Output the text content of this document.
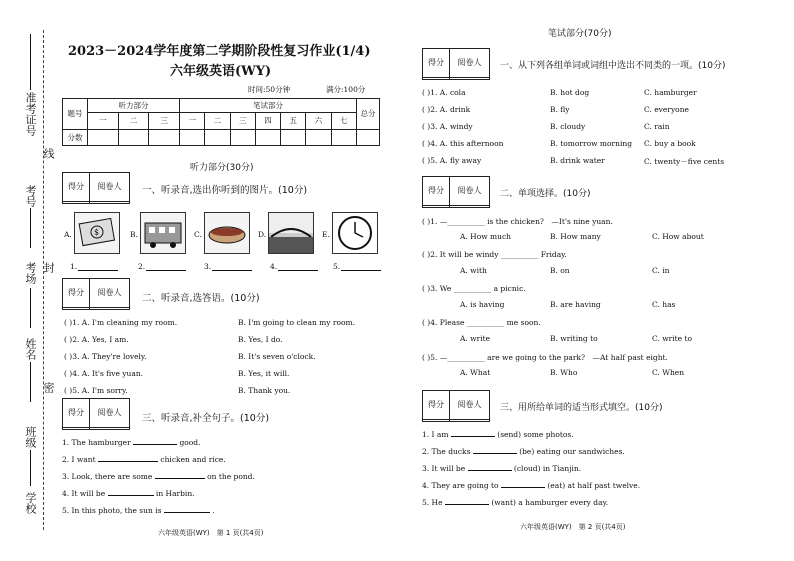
准考证号
线
考号
考场 封
姓名
密
班级
学校
2023－2024学年度第二学期阶段性复习作业(1/4)
六年级英语(WY)
时间:50分钟	满分:100分
题号	听力部分			笔试部分							总分
	一	二	三	一	二	三	四	五	六	七	
分数											
听力部分(30分)
得分	阅卷人
	一、听录音,选出你听到的图片。(10分)
A.	$	B.	C.	D.	E.
1.	2.	3.	4.	5.
得分	阅卷人

二、听录音,选答语。(10分)
( )1. A. I'm cleaning my room.	B. I'm going to clean my room.
( )2. A. Yes, I am.	B. Yes, I do.
( )3. A. They're lovely.	B. It's seven o'clock.
( )4. A. It's five yuan.	B. Yes, it will.
( )5. A. I'm sorry.	B. Thank you.
得分	阅卷人

三、听录音,补全句子。(10分)
1. The hamburger	good.
2. I want	chicken and rice.
3. Look, there are some	on the pond.
4. It will be	in Harbin.
5. In this photo, the sun is	.
六年级英语(WY)　第 1 页(共4页)
笔试部分(70分)
得分	阅卷人
	一、从下列各组单词或词组中选出不同类的一项。(10分)
( )1. A. cola	B. hot dog	C. hamburger
( )2. A. drink	B. fly	C. everyone
( )3. A. windy	B. cloudy	C. rain
( )4. A. this afternoon	B. tomorrow morning C. buy a book
( )5. A. fly away	B. drink water	C. twenty－five cents
得分	阅卷人
	二、单项选择。(10分)
( )1. —__________ is the chicken?　—It's nine yuan.
A. How much	B. How many	C. How about
( )2. It will be windy __________ Friday.
A. with	B. on	C. in
( )3. We __________ a picnic.
A. is having	B. are having	C. has
( )4. Please __________ me soon.
A. write	B. writing to	C. write to
( )5. —__________ are we going to the park?　—At half past eight.
A. What	B. Who	C. When
得分	阅卷人
	三、用所给单词的适当形式填空。(10分)
1. I am	(send) some photos.
2. The ducks	(be) eating our sandwiches.
3. It will be	(cloud) in Tianjin.
4. They are going to	(eat) at half past twelve.
5. He	(want) a hamburger every day.
六年级英语(WY)　第 2 页(共4页)
